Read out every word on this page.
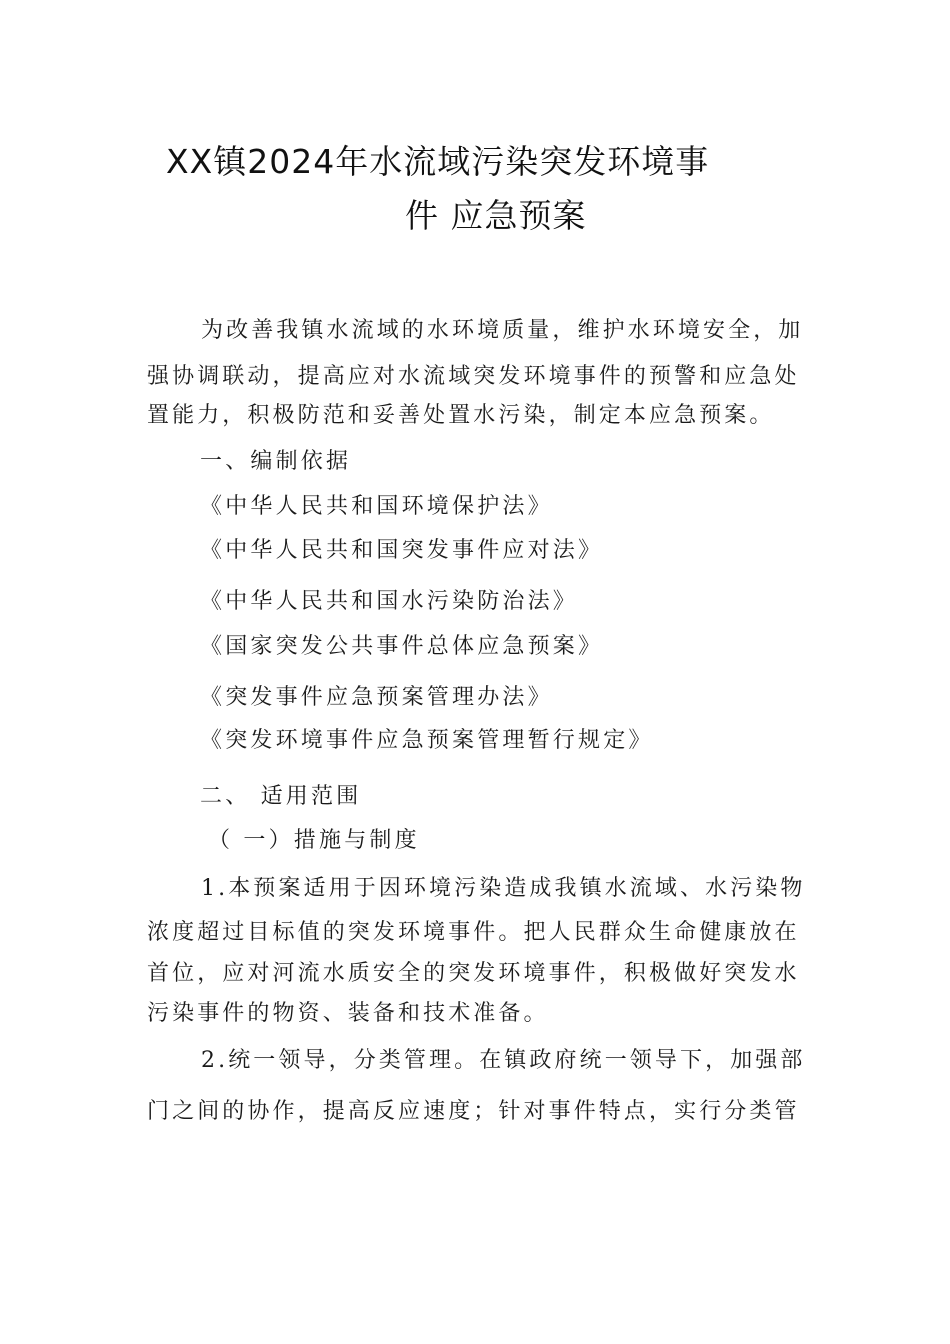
XX镇2024年水流域污染突发环境事
件 应急预案
为改善我镇水流域的水环境质量，维护水环境安全，加
强协调联动，提高应对水流域突发环境事件的预警和应急处
置能力，积极防范和妥善处置水污染，制定本应急预案。
一、编制依据
《中华人民共和国环境保护法》
《中华人民共和国突发事件应对法》
《中华人民共和国水污染防治法》
《国家突发公共事件总体应急预案》
《突发事件应急预案管理办法》
《突发环境事件应急预案管理暂行规定》
二、 适用范围
（ 一）措施与制度
1.本预案适用于因环境污染造成我镇水流域、水污染物
浓度超过目标值的突发环境事件。把人民群众生命健康放在
首位，应对河流水质安全的突发环境事件，积极做好突发水
污染事件的物资、装备和技术准备。
2.统一领导，分类管理。在镇政府统一领导下，加强部
门之间的协作，提高反应速度；针对事件特点，实行分类管
